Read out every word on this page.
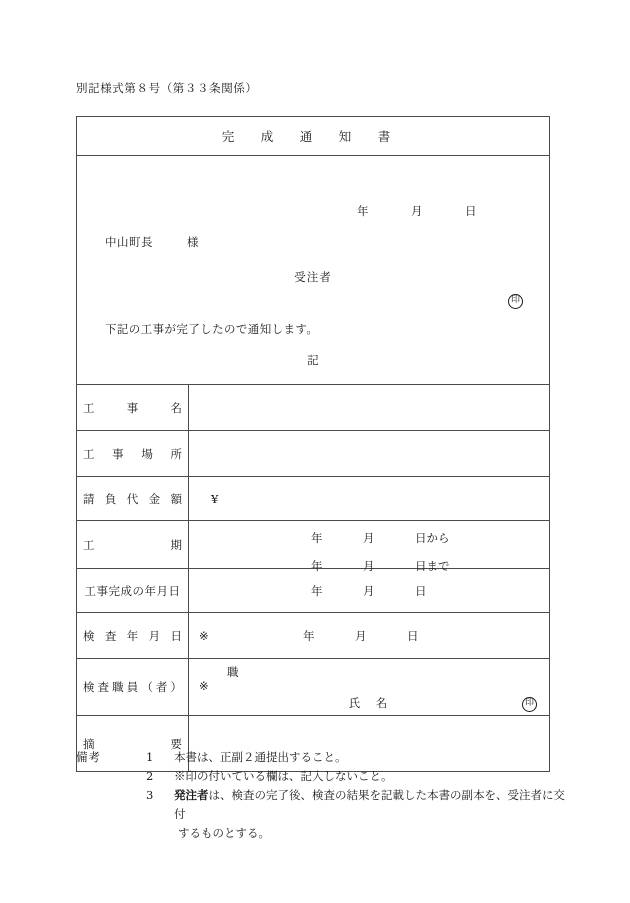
別記様式第８号（第３３条関係）
完　成　通　知　書	

年	月	日
中山町長	様
受注者
印
下記の工事が完了したので通知します。
記

工事名	

工事場所	

請負代金額	¥

工期	年 月 日から
年 月 日まで

工事完成の年月日	年 月 日

検査年月日	※ 年 月 日

検査職員（者）	職
※
氏　名 印

摘要	

備考	1 本書は、正副２通提出すること。
2 ※印の付いている欄は、記入しないこと。
3 発注者は、検査の完了後、検査の結果を記載した本書の副本を、受注者に交付
するものとする。
